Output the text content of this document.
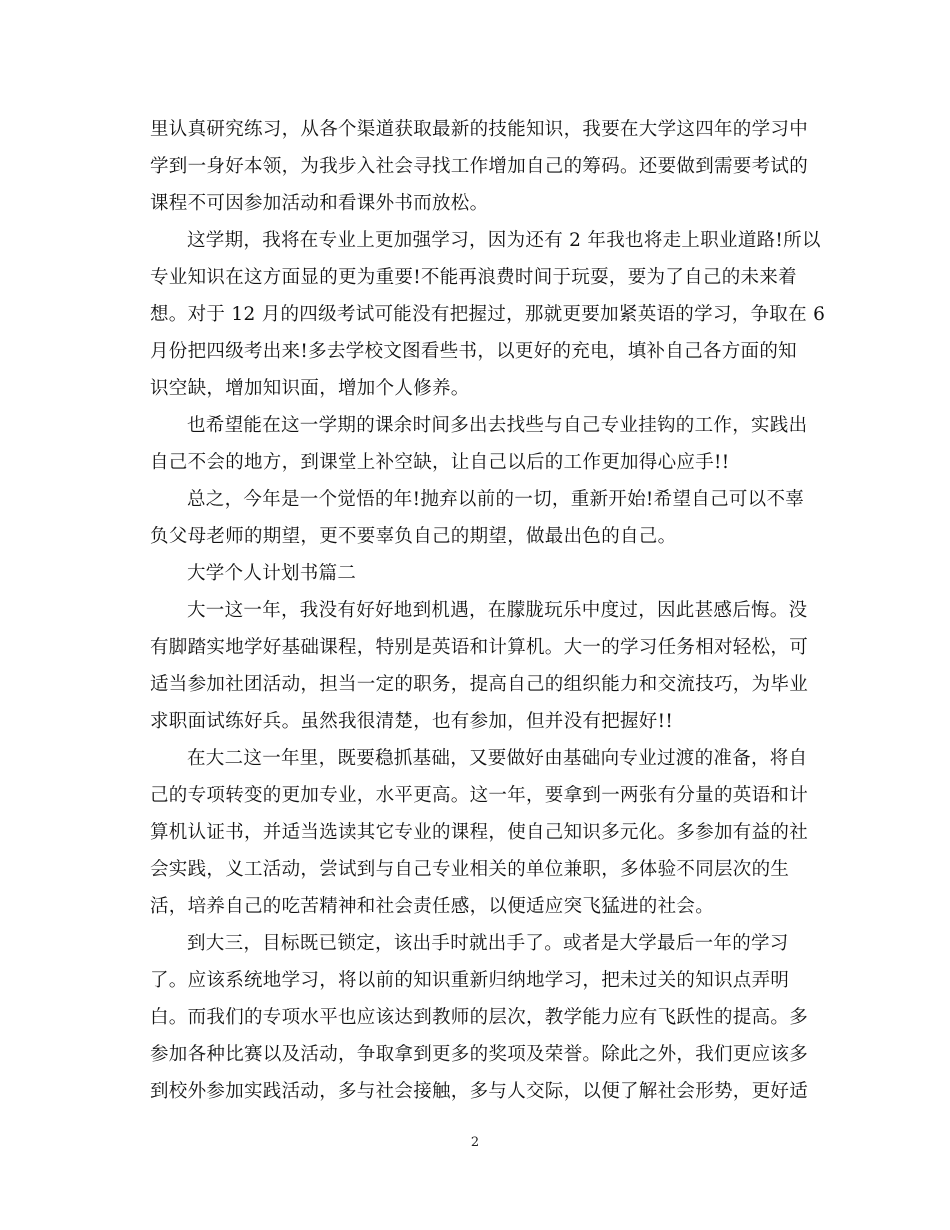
里认真研究练习，从各个渠道获取最新的技能知识，我要在大学这四年的学习中
学到一身好本领，为我步入社会寻找工作增加自己的筹码。还要做到需要考试的
课程不可因参加活动和看课外书而放松。
这学期，我将在专业上更加强学习，因为还有 2 年我也将走上职业道路!所以
专业知识在这方面显的更为重要!不能再浪费时间于玩耍，要为了自己的未来着
想。对于 12 月的四级考试可能没有把握过，那就更要加紧英语的学习，争取在 6
月份把四级考出来!多去学校文图看些书，以更好的充电，填补自己各方面的知
识空缺，增加知识面，增加个人修养。
也希望能在这一学期的课余时间多出去找些与自己专业挂钩的工作，实践出
自己不会的地方，到课堂上补空缺，让自己以后的工作更加得心应手!!
总之，今年是一个觉悟的年!抛弃以前的一切，重新开始!希望自己可以不辜
负父母老师的期望，更不要辜负自己的期望，做最出色的自己。
大学个人计划书篇二
大一这一年，我没有好好地到机遇，在朦胧玩乐中度过，因此甚感后悔。没
有脚踏实地学好基础课程，特别是英语和计算机。大一的学习任务相对轻松，可
适当参加社团活动，担当一定的职务，提高自己的组织能力和交流技巧，为毕业
求职面试练好兵。虽然我很清楚，也有参加，但并没有把握好!!
在大二这一年里，既要稳抓基础，又要做好由基础向专业过渡的准备，将自
己的专项转变的更加专业，水平更高。这一年，要拿到一两张有分量的英语和计
算机认证书，并适当选读其它专业的课程，使自己知识多元化。多参加有益的社
会实践，义工活动，尝试到与自己专业相关的单位兼职，多体验不同层次的生
活，培养自己的吃苦精神和社会责任感，以便适应突飞猛进的社会。
到大三，目标既已锁定，该出手时就出手了。或者是大学最后一年的学习
了。应该系统地学习，将以前的知识重新归纳地学习，把未过关的知识点弄明
白。而我们的专项水平也应该达到教师的层次，教学能力应有飞跃性的提高。多
参加各种比赛以及活动，争取拿到更多的奖项及荣誉。除此之外，我们更应该多
到校外参加实践活动，多与社会接触，多与人交际，以便了解社会形势，更好适
2
